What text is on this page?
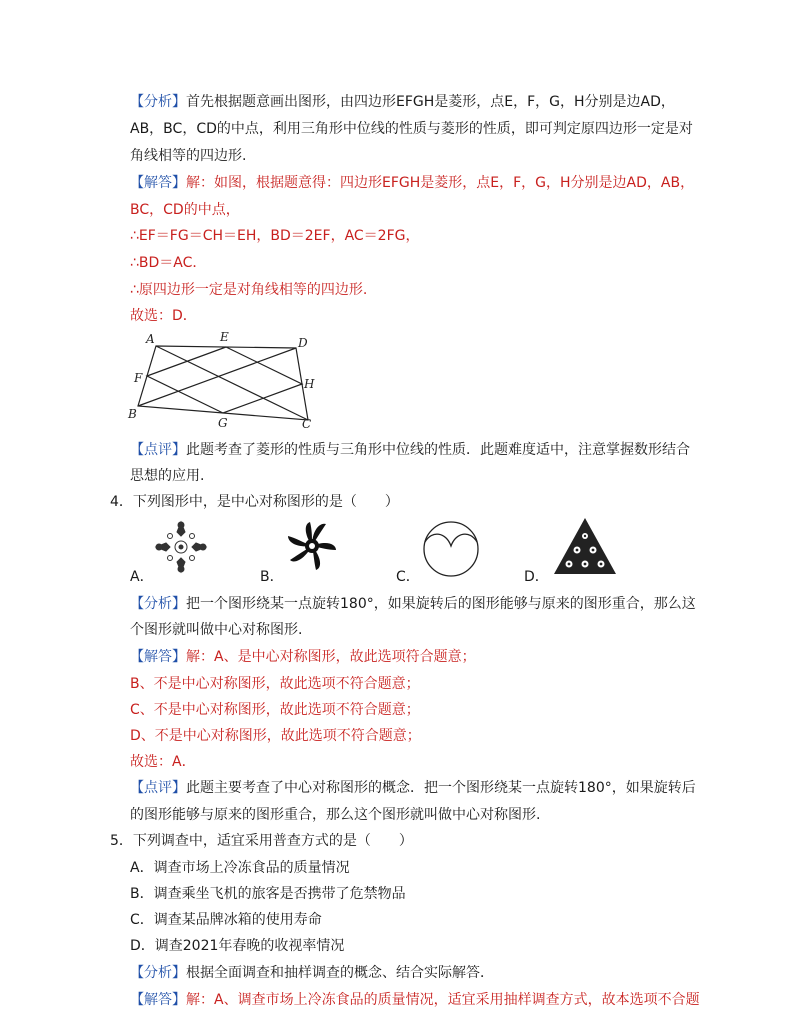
【分析】首先根据题意画出图形，由四边形EFGH是菱形，点E，F，G，H分别是边AD，
AB，BC，CD的中点，利用三角形中位线的性质与菱形的性质，即可判定原四边形一定是对
角线相等的四边形.
【解答】解：如图，根据题意得：四边形EFGH是菱形，点E，F，G，H分别是边AD，AB，
BC，CD的中点，
∴EF＝FG＝CH＝EH，BD＝2EF，AC＝2FG，
∴BD＝AC．
∴原四边形一定是对角线相等的四边形.
故选：D．
A	E	D
F	H
B
G	C
【点评】此题考查了菱形的性质与三角形中位线的性质．此题难度适中，注意掌握数形结合
思想的应用.
4．下列图形中，是中心对称图形的是（　　）
A．	B．	C．	D．
【分析】把一个图形绕某一点旋转180°，如果旋转后的图形能够与原来的图形重合，那么这
个图形就叫做中心对称图形.
【解答】解：A、是中心对称图形，故此选项符合题意；
B、不是中心对称图形，故此选项不符合题意；
C、不是中心对称图形，故此选项不符合题意；
D、不是中心对称图形，故此选项不符合题意；
故选：A．
【点评】此题主要考查了中心对称图形的概念．把一个图形绕某一点旋转180°，如果旋转后
的图形能够与原来的图形重合，那么这个图形就叫做中心对称图形.
5．下列调查中，适宜采用普查方式的是（　　）
A．调查市场上冷冻食品的质量情况
B．调查乘坐飞机的旅客是否携带了危禁物品
C．调查某品牌冰箱的使用寿命
D．调查2021年春晚的收视率情况
【分析】根据全面调查和抽样调查的概念、结合实际解答．
【解答】解：A、调查市场上冷冻食品的质量情况，适宜采用抽样调查方式，故本选项不合题
